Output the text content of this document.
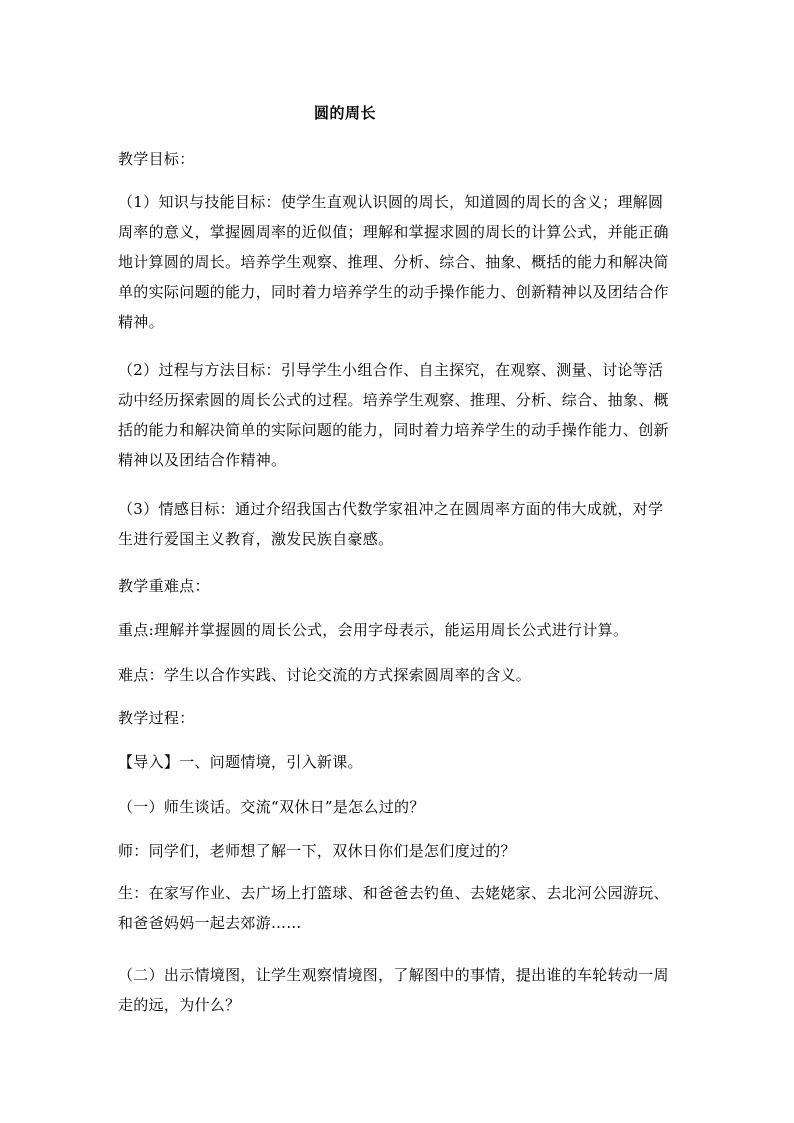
圆的周长
教学目标：
（1）知识与技能目标：使学生直观认识圆的周长，知道圆的周长的含义；理解圆周率的意义，掌握圆周率的近似值；理解和掌握求圆的周长的计算公式，并能正确地计算圆的周长。培养学生观察、推理、分析、综合、抽象、概括的能力和解决简单的实际问题的能力，同时着力培养学生的动手操作能力、创新精神以及团结合作精神。
（2）过程与方法目标：引导学生小组合作、自主探究，在观察、测量、讨论等活动中经历探索圆的周长公式的过程。培养学生观察、推理、分析、综合、抽象、概括的能力和解决简单的实际问题的能力，同时着力培养学生的动手操作能力、创新精神以及团结合作精神。
（3）情感目标：通过介绍我国古代数学家祖冲之在圆周率方面的伟大成就，对学生进行爱国主义教育，激发民族自豪感。
教学重难点：
重点:理解并掌握圆的周长公式，会用字母表示，能运用周长公式进行计算。
难点：学生以合作实践、讨论交流的方式探索圆周率的含义。
教学过程：
【导入】一、问题情境，引入新课。
（一）师生谈话。交流“双休日”是怎么过的？
师：同学们，老师想了解一下，双休日你们是怎们度过的？
生：在家写作业、去广场上打篮球、和爸爸去钓鱼、去姥姥家、去北河公园游玩、和爸爸妈妈一起去郊游……
（二）出示情境图，让学生观察情境图，了解图中的事情，提出谁的车轮转动一周走的远，为什么？
